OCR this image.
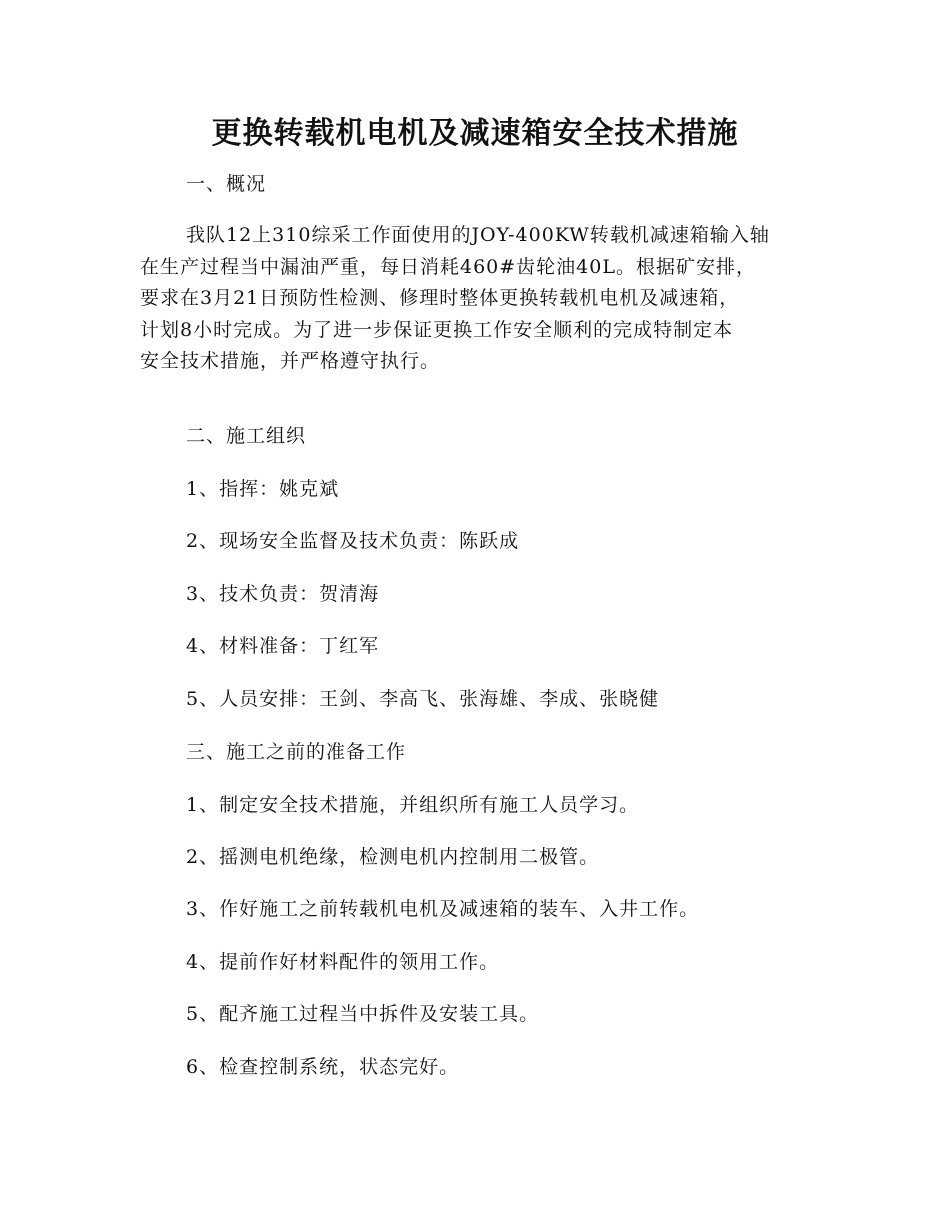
更换转载机电机及减速箱安全技术措施
一、概况
我队12上310综采工作面使用的JOY-400KW转载机减速箱输入轴
在生产过程当中漏油严重，每日消耗460#齿轮油40L。根据矿安排，
要求在3月21日预防性检测、修理时整体更换转载机电机及减速箱，
计划8小时完成。为了进一步保证更换工作安全顺利的完成特制定本
安全技术措施，并严格遵守执行。
二、施工组织
1、指挥：姚克斌
2、现场安全监督及技术负责：陈跃成
3、技术负责：贺清海
4、材料准备：丁红军
5、人员安排：王剑、李高飞、张海雄、李成、张晓健
三、施工之前的准备工作
1、制定安全技术措施，并组织所有施工人员学习。
2、摇测电机绝缘，检测电机内控制用二极管。
3、作好施工之前转载机电机及减速箱的装车、入井工作。
4、提前作好材料配件的领用工作。
5、配齐施工过程当中拆件及安装工具。
6、检查控制系统，状态完好。
